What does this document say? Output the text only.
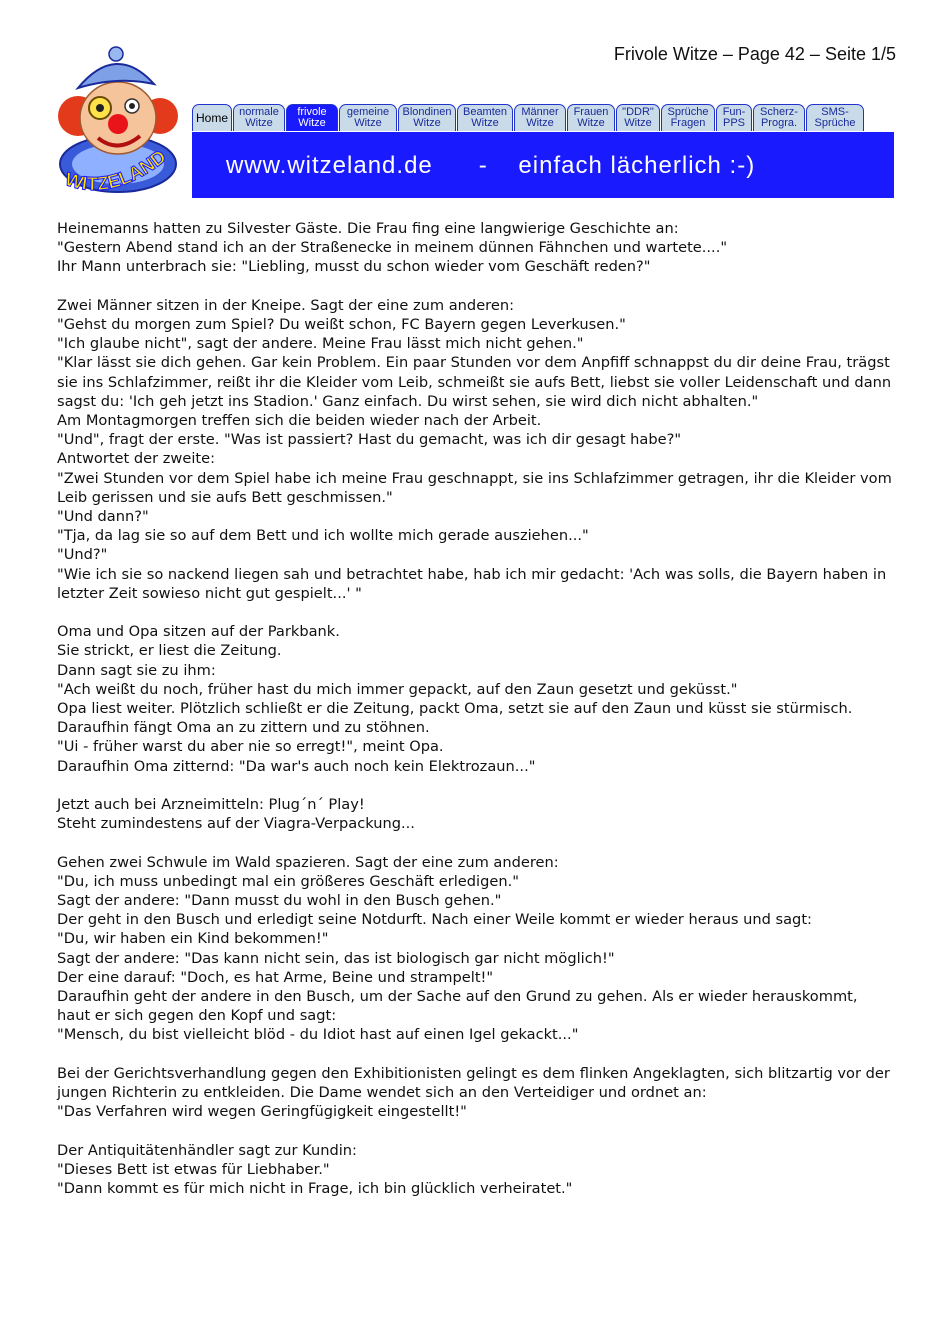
Frivole Witze – Page 42 – Seite 1/5
WITZELAND
Home	normale
Witze
frivole
Witze
gemeine
Witze
Blondinen
Witze
Beamten
Witze
Männer
Witze
Frauen
Witze
"DDR"
Witze
Sprüche
Fragen
Fun-
PPS
Scherz-
Progra.
SMS-
Sprüche
www.witzeland.de      -    einfach lächerlich :-)
Heinemanns hatten zu Silvester Gäste. Die Frau fing eine langwierige Geschichte an:
"Gestern Abend stand ich an der Straßenecke in meinem dünnen Fähnchen und wartete...."
Ihr Mann unterbrach sie: "Liebling, musst du schon wieder vom Geschäft reden?"
Zwei Männer sitzen in der Kneipe. Sagt der eine zum anderen:
"Gehst du morgen zum Spiel? Du weißt schon, FC Bayern gegen Leverkusen."
"Ich glaube nicht", sagt der andere. Meine Frau lässt mich nicht gehen."
"Klar lässt sie dich gehen. Gar kein Problem. Ein paar Stunden vor dem Anpfiff schnappst du dir deine Frau, trägst sie ins Schlafzimmer, reißt ihr die Kleider vom Leib, schmeißt sie aufs Bett, liebst sie voller Leidenschaft und dann sagst du: 'Ich geh jetzt ins Stadion.' Ganz einfach. Du wirst sehen, sie wird dich nicht abhalten."
Am Montagmorgen treffen sich die beiden wieder nach der Arbeit.
"Und", fragt der erste. "Was ist passiert? Hast du gemacht, was ich dir gesagt habe?"
Antwortet der zweite:
"Zwei Stunden vor dem Spiel habe ich meine Frau geschnappt, sie ins Schlafzimmer getragen, ihr die Kleider vom Leib gerissen und sie aufs Bett geschmissen."
"Und dann?"
"Tja, da lag sie so auf dem Bett und ich wollte mich gerade ausziehen..."
"Und?"
"Wie ich sie so nackend liegen sah und betrachtet habe, hab ich mir gedacht: 'Ach was solls, die Bayern haben in letzter Zeit sowieso nicht gut gespielt...' "
Oma und Opa sitzen auf der Parkbank.
Sie strickt, er liest die Zeitung.
Dann sagt sie zu ihm:
"Ach weißt du noch, früher hast du mich immer gepackt, auf den Zaun gesetzt und geküsst."
Opa liest weiter. Plötzlich schließt er die Zeitung, packt Oma, setzt sie auf den Zaun und küsst sie stürmisch.
Daraufhin fängt Oma an zu zittern und zu stöhnen.
"Ui - früher warst du aber nie so erregt!", meint Opa.
Daraufhin Oma zitternd: "Da war's auch noch kein Elektrozaun..."
Jetzt auch bei Arzneimitteln: Plug´n´ Play!
Steht zumindestens auf der Viagra-Verpackung...
Gehen zwei Schwule im Wald spazieren. Sagt der eine zum anderen:
"Du, ich muss unbedingt mal ein größeres Geschäft erledigen."
Sagt der andere: "Dann musst du wohl in den Busch gehen."
Der geht in den Busch und erledigt seine Notdurft. Nach einer Weile kommt er wieder heraus und sagt:
"Du, wir haben ein Kind bekommen!"
Sagt der andere: "Das kann nicht sein, das ist biologisch gar nicht möglich!"
Der eine darauf: "Doch, es hat Arme, Beine und strampelt!"
Daraufhin geht der andere in den Busch, um der Sache auf den Grund zu gehen. Als er wieder herauskommt, haut er sich gegen den Kopf und sagt:
"Mensch, du bist vielleicht blöd - du Idiot hast auf einen Igel gekackt..."
Bei der Gerichtsverhandlung gegen den Exhibitionisten gelingt es dem flinken Angeklagten, sich blitzartig vor der jungen Richterin zu entkleiden. Die Dame wendet sich an den Verteidiger und ordnet an:
"Das Verfahren wird wegen Geringfügigkeit eingestellt!"
Der Antiquitätenhändler sagt zur Kundin:
"Dieses Bett ist etwas für Liebhaber."
"Dann kommt es für mich nicht in Frage, ich bin glücklich verheiratet."
